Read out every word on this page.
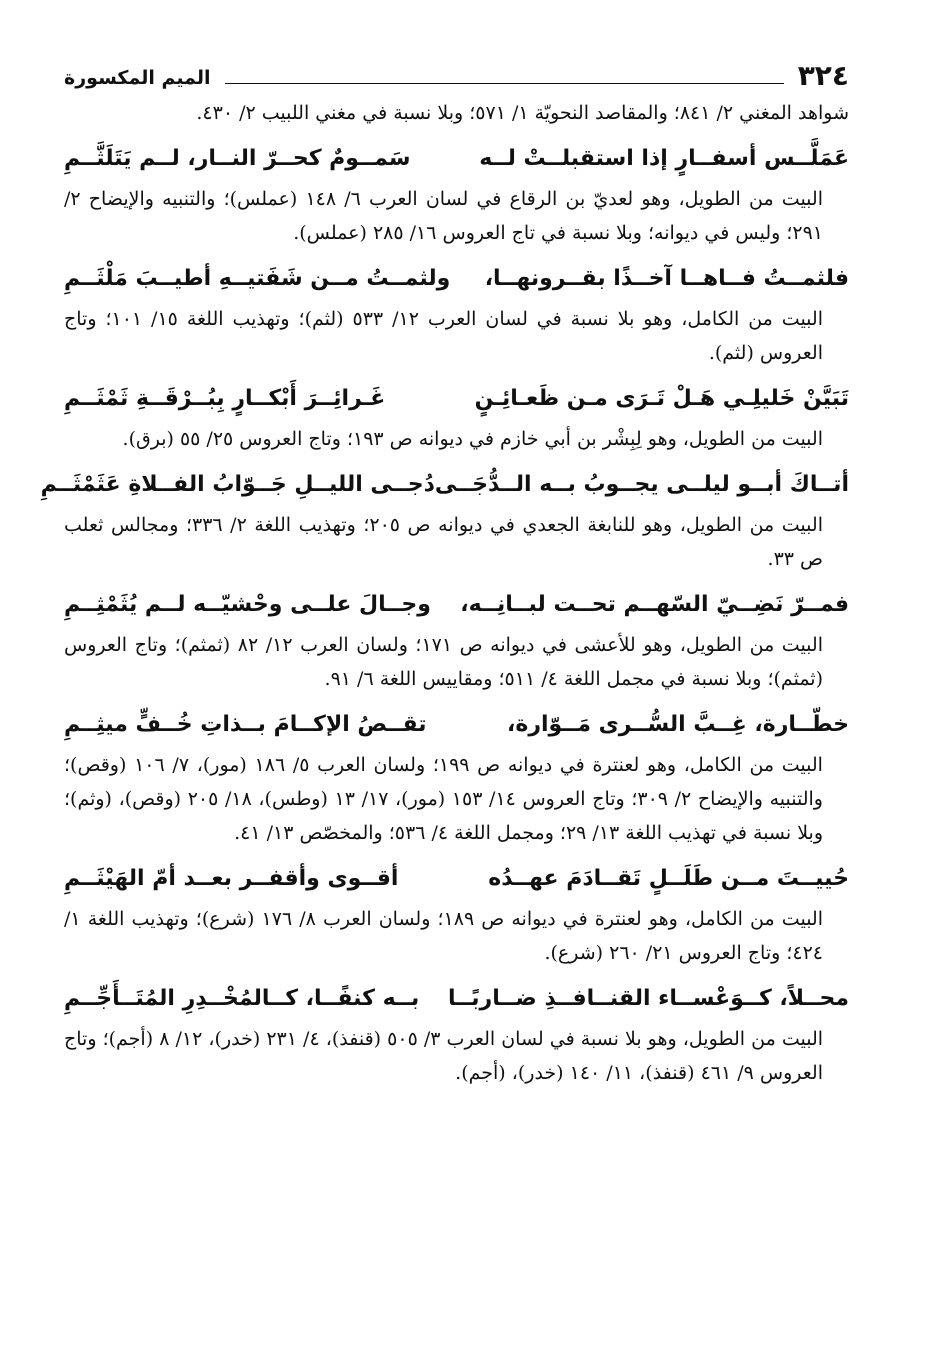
٣٢٤
الميم المكسورة
شواهد المغني ٢/ ٨٤١؛ والمقاصد النحويّة ١/ ٥٧١؛ وبلا نسبة في مغني اللبيب ٢/ ٤٣٠.
عَمَلَّــس أسفــارٍ إذا استقبلــتْ لــه
سَمــومٌ كحــرّ النــار، لــم يَتَلَثَّــمِ
البيت من الطويل، وهو لعديّ بن الرقاع في لسان العرب ٦/ ١٤٨ (عملس)؛ والتنبيه والإيضاح ٢/ ٢٩١؛ وليس في ديوانه؛ وبلا نسبة في تاج العروس ١٦/ ٢٨٥ (عملس).
فلثمــتُ فــاهــا آخــذًا بقــرونهــا،
ولثمــتُ مــن شَفَتيــهِ أطيــبَ مَلْثَــمِ
البيت من الكامل، وهو بلا نسبة في لسان العرب ١٢/ ٥٣٣ (لثم)؛ وتهذيب اللغة ١٥/ ١٠١؛ وتاج العروس (لثم).
تَبَيَّنْ خَليلِـي هَـلْ تَـرَى مـن ظَعـائِـنٍ
غَـرائِــرَ أَبْكــارٍ بِبُــرْقَــةِ ثَمْثَــمِ
البيت من الطويل، وهو لِبِشْر بن أبي خازم في ديوانه ص ١٩٣؛ وتاج العروس ٢٥/ ٥٥ (برق).
أتــاكَ أبــو ليلــى يجــوبُ بــه الــدُّجَــى
دُجــى الليــلِ جَــوّابُ الفــلاةِ عَثَمْثَــمِ
البيت من الطويل، وهو للنابغة الجعدي في ديوانه ص ٢٠٥؛ وتهذيب اللغة ٢/ ٣٣٦؛ ومجالس ثعلب ص ٣٣.
فمــرّ نَضِــيّ السّهــم تحــت لبــانِــه،
وجــالَ علــى وحْشيّــه لــم يُثَمْثِــمِ
البيت من الطويل، وهو للأعشى في ديوانه ص ١٧١؛ ولسان العرب ١٢/ ٨٢ (ثمثم)؛ وتاج العروس (ثمثم)؛ وبلا نسبة في مجمل اللغة ٤/ ٥١١؛ ومقاييس اللغة ٦/ ٩١.
خطّــارة، غِــبَّ السُّــرى مَــوّارة،
تقــصُ الإكــامَ بــذاتِ خُــفٍّ ميثِــمِ
البيت من الكامل، وهو لعنترة في ديوانه ص ١٩٩؛ ولسان العرب ٥/ ١٨٦ (مور)، ٧/ ١٠٦ (وقص)؛ والتنبيه والإيضاح ٢/ ٣٠٩؛ وتاج العروس ١٤/ ١٥٣ (مور)، ١٧/ ١٣ (وطس)، ١٨/ ٢٠٥ (وقص)، (وثم)؛ وبلا نسبة في تهذيب اللغة ١٣/ ٢٩؛ ومجمل اللغة ٤/ ٥٣٦؛ والمخصّص ١٣/ ٤١.
حُييــتَ مــن طَلَــلٍ تَقــادَمَ عهــدُه
أقــوى وأقفــر بعــد أمّ الهَيْثَــمِ
البيت من الكامل، وهو لعنترة في ديوانه ص ١٨٩؛ ولسان العرب ٨/ ١٧٦ (شرع)؛ وتهذيب اللغة ١/ ٤٢٤؛ وتاج العروس ٢١/ ٢٦٠ (شرع).
محــلاً، كــوَعْســاء القنــافــذِ ضــاربًــا
بــه كنفًــا، كــالمُخْــدِرِ المُتَــأَجِّــمِ
البيت من الطويل، وهو بلا نسبة في لسان العرب ٣/ ٥٠٥ (قنفذ)، ٤/ ٢٣١ (خدر)، ١٢/ ٨ (أجم)؛ وتاج العروس ٩/ ٤٦١ (قنفذ)، ١١/ ١٤٠ (خدر)، (أجم).
